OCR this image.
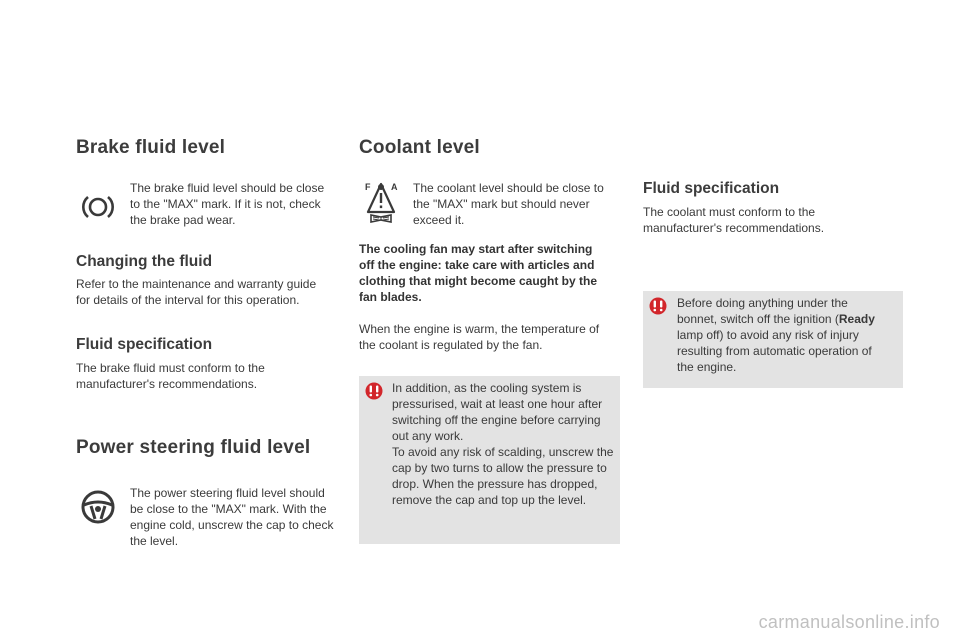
Brake fluid level
The brake fluid level should be close to the "MAX" mark. If it is not, check the brake pad wear.
Changing the fluid
Refer to the maintenance and warranty guide for details of the interval for this operation.
Fluid specification
The brake fluid must conform to the manufacturer's recommendations.
Power steering fluid level
The power steering fluid level should be close to the "MAX" mark. With the engine cold, unscrew the cap to check the level.
Coolant level
F A The coolant level should be close to the "MAX" mark but should never exceed it.
The cooling fan may start after switching off the engine: take care with articles and clothing that might become caught by the fan blades.
When the engine is warm, the temperature of the coolant is regulated by the fan.
In addition, as the cooling system is pressurised, wait at least one hour after switching off the engine before carrying out any work.
To avoid any risk of scalding, unscrew the cap by two turns to allow the pressure to drop. When the pressure has dropped, remove the cap and top up the level.
Fluid specification
The coolant must conform to the manufacturer's recommendations.
Before doing anything under the bonnet, switch off the ignition (Ready lamp off) to avoid any risk of injury resulting from automatic operation of the engine.
carmanualsonline.info
